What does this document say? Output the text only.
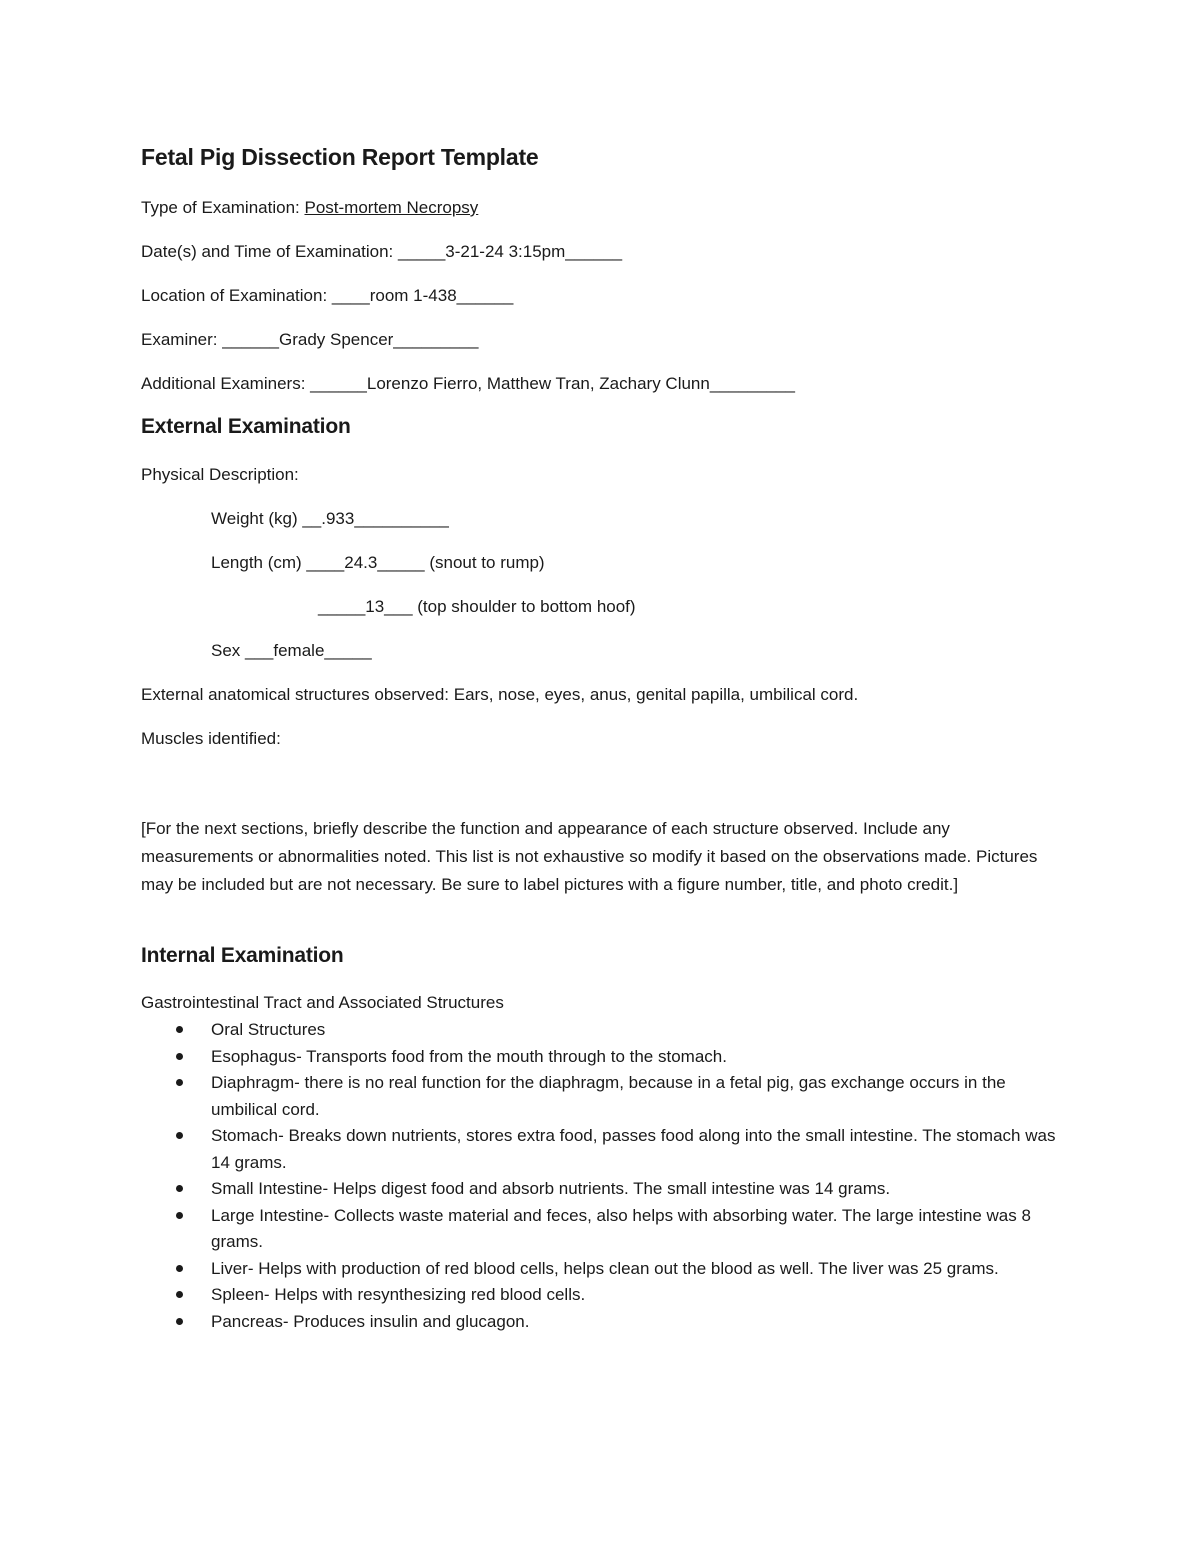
Fetal Pig Dissection Report Template

Type of Examination: Post-mortem Necropsy

Date(s) and Time of Examination: _____3-21-24 3:15pm______

Location of Examination: ____room 1-438______

Examiner: ______Grady Spencer_________

Additional Examiners: ______Lorenzo Fierro, Matthew Tran, Zachary Clunn_________

External Examination

Physical Description:

Weight (kg) __.933__________

Length (cm) ____24.3_____ (snout to rump)

_____13___ (top shoulder to bottom hoof)

Sex ___female_____

External anatomical structures observed: Ears, nose, eyes, anus, genital papilla, umbilical cord.

Muscles identified:

[For the next sections, briefly describe the function and appearance of each structure observed. Include any measurements or abnormalities noted. This list is not exhaustive so modify it based on the observations made. Pictures may be included but are not necessary. Be sure to label pictures with a figure number, title, and photo credit.]

Internal Examination

Gastrointestinal Tract and Associated Structures

Oral Structures
Esophagus- Transports food from the mouth through to the stomach.
Diaphragm- there is no real function for the diaphragm, because in a fetal pig, gas exchange occurs in the umbilical cord.
Stomach- Breaks down nutrients, stores extra food, passes food along into the small intestine. The stomach was 14 grams.
Small Intestine- Helps digest food and absorb nutrients. The small intestine was 14 grams.
Large Intestine- Collects waste material and feces, also helps with absorbing water. The large intestine was 8 grams.
Liver- Helps with production of red blood cells, helps clean out the blood as well. The liver was 25 grams.
Spleen- Helps with resynthesizing red blood cells.
Pancreas- Produces insulin and glucagon.
